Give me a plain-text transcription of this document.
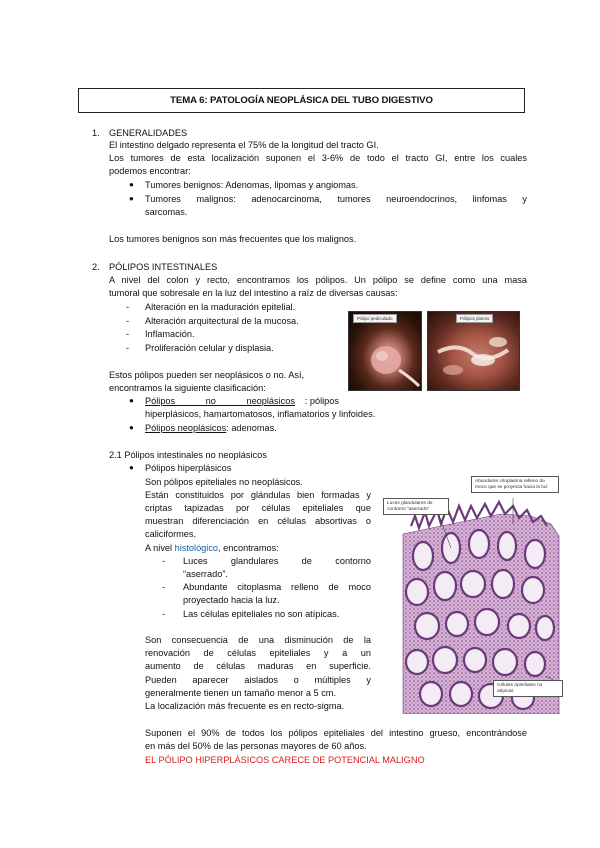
TEMA 6: PATOLOGÍA NEOPLÁSICA DEL TUBO DIGESTIVO
1.	GENERALIDADES
El intestino delgado representa el 75% de la longitud del tracto GI.
Los tumores de esta localización suponen el 3-6% de todo el tracto GI, entre los cuales
podemos encontrar:
● Tumores benignos: Adenomas, lipomas y angiomas.
● Tumores malignos: adenocarcinoma, tumores neuroendocrinos, linfomas y
sarcomas.
Los tumores benignos son más frecuentes que los malignos.
2.	PÓLIPOS INTESTINALES
A nivel del colon y recto, encontramos los pólipos. Un pólipo se define como una masa
tumoral que sobresale en la luz del intestino a raíz de diversas causas:
- Alteración en la maduración epitelial.
- Alteración arquitectural de la mucosa.
- Inflamación.
- Proliferación celular y displasia.
Pólipo pediculado	Pólipos planos
Estos pólipos pueden ser neoplásicos o no. Así,
encontramos la siguiente clasificación:
● Pólipos no neoplásicos : pólipos
hiperplásicos, hamartomatosos, inflamatorios y linfoides.
● Pólipos neoplásicos: adenomas.
2.1 Pólipos intestinales no neoplásicos
● Pólipos hiperplásicos
Son pólipos epiteliales no neoplásicos.
Están constituidos por glándulas bien formadas y
criptas tapizadas por células epiteliales que
muestran diferenciación en células absortivas o
caliciformes.
A nivel histológico, encontramos:
- Luces glandulares de contorno
“aserrado”.
- Abundante citoplasma relleno de moco
proyectado hacia la luz.
- Las células epiteliales no son atípicas.
Son consecuencia de una disminución de la
renovación de células epiteliales y a un
aumento de células maduras en superficie.
Pueden aparecer aislados o múltiples y
generalmente tienen un tamaño menor a 5 cm.
La localización más frecuente es en recto-sigma.
Abundante citoplasma relleno de moco que se proyecta hacia la luz
Luces glandulares de contorno “aserrado”
Células epiteliales no atípicas
Suponen el 90% de todos los pólipos epiteliales del intestino grueso, encontrándose
en más del 50% de las personas mayores de 60 años.
EL PÓLIPO HIPERPLÁSICOS CARECE DE POTENCIAL MALIGNO
